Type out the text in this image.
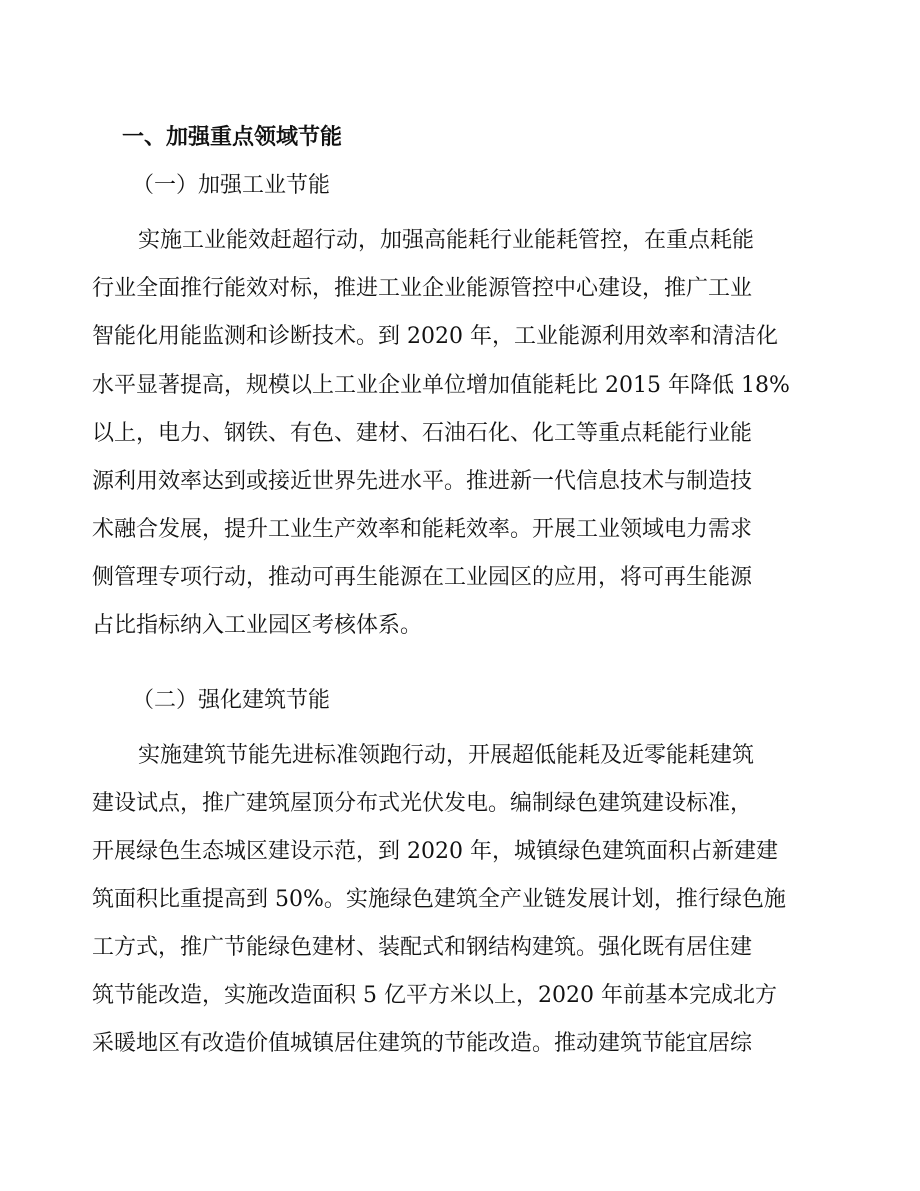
一、加强重点领域节能
（一）加强工业节能
实施工业能效赶超行动，加强高能耗行业能耗管控，在重点耗能
行业全面推行能效对标，推进工业企业能源管控中心建设，推广工业
智能化用能监测和诊断技术。到 2020 年，工业能源利用效率和清洁化
水平显著提高，规模以上工业企业单位增加值能耗比 2015 年降低 18%
以上，电力、钢铁、有色、建材、石油石化、化工等重点耗能行业能
源利用效率达到或接近世界先进水平。推进新一代信息技术与制造技
术融合发展，提升工业生产效率和能耗效率。开展工业领域电力需求
侧管理专项行动，推动可再生能源在工业园区的应用，将可再生能源
占比指标纳入工业园区考核体系。
（二）强化建筑节能
实施建筑节能先进标准领跑行动，开展超低能耗及近零能耗建筑
建设试点，推广建筑屋顶分布式光伏发电。编制绿色建筑建设标准，
开展绿色生态城区建设示范，到 2020 年，城镇绿色建筑面积占新建建
筑面积比重提高到 50%。实施绿色建筑全产业链发展计划，推行绿色施
工方式，推广节能绿色建材、装配式和钢结构建筑。强化既有居住建
筑节能改造，实施改造面积 5 亿平方米以上，2020 年前基本完成北方
采暖地区有改造价值城镇居住建筑的节能改造。推动建筑节能宜居综
